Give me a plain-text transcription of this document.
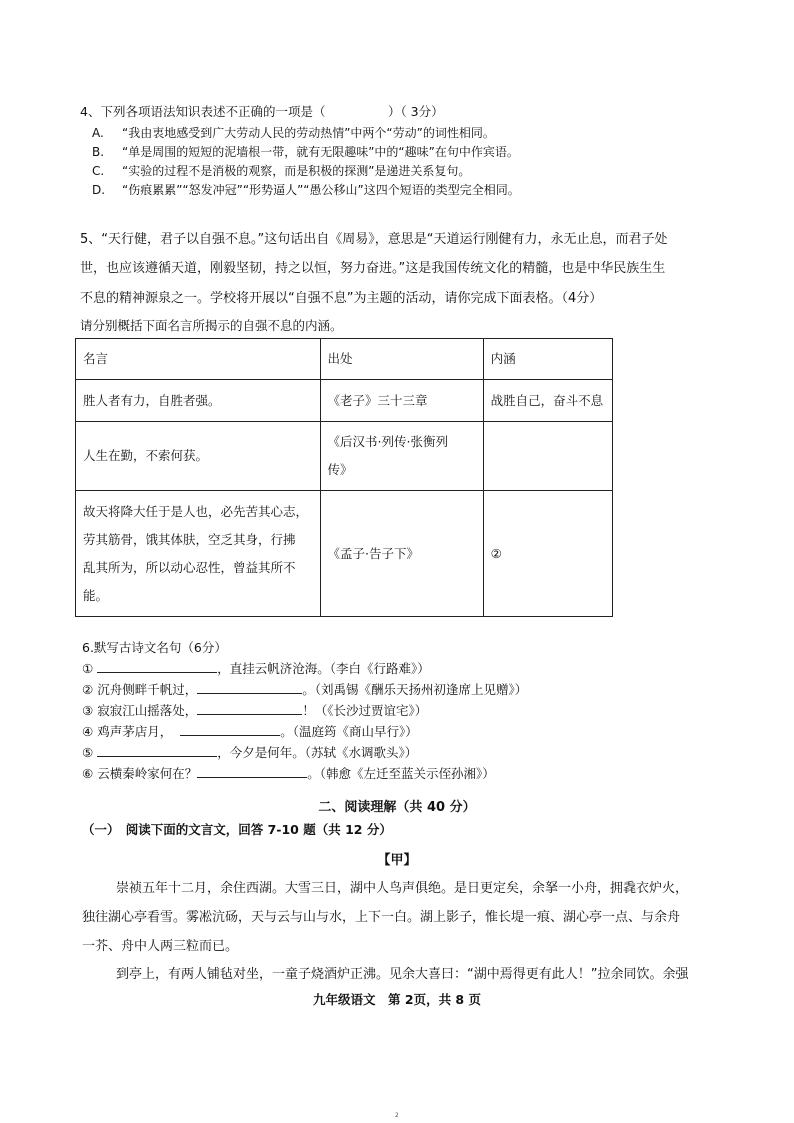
4、下列各项语法知识表述不正确的一项是（　　　　　）（ 3分）
A. “我由衷地感受到广大劳动人民的劳动热情”中两个“劳动”的词性相同。
B. “单是周围的短短的泥墙根一带，就有无限趣味”中的“趣味”在句中作宾语。
C. “实验的过程不是消极的观察，而是积极的探测”是递进关系复句。
D. “伤痕累累”“怒发冲冠”“形势逼人”“愚公移山”这四个短语的类型完全相同。
5、“天行健，君子以自强不息。”这句话出自《周易》，意思是“天道运行刚健有力，永无止息，而君子处
世，也应该遵循天道，刚毅坚韧，持之以恒，努力奋进。”这是我国传统文化的精髓，也是中华民族生生
不息的精神源泉之一。学校将开展以“自强不息”为主题的活动，请你完成下面表格。（4分）
请分别概括下面名言所揭示的自强不息的内涵。
名言	出处	内涵
胜人者有力，自胜者强。	《老子》三十三章	战胜自己，奋斗不息
人生在勤，不索何获。	《后汉书·列传·张衡列
传》	

故天将降大任于是人也，必先苦其心志，
劳其筋骨，饿其体肤，空乏其身，行拂
乱其所为，所以动心忍性，曾益其所不
能。	《孟子·告子下》	②
6.默写古诗文名句（6分）
①	，直挂云帆济沧海。（李白《行路难》）
② 沉舟侧畔千帆过，	。（刘禹锡《酬乐天扬州初逢席上见赠》）
③ 寂寂江山摇落处，	！（《长沙过贾谊宅》）
④ 鸡声茅店月，	。（温庭筠《商山早行》）
⑤	，今夕是何年。（苏轼《水调歌头》）
⑥ 云横秦岭家何在？	。（韩愈《左迁至蓝关示侄孙湘》）
二、阅读理解（共 40 分）
（一）　阅读下面的文言文，回答 7-10 题（共 12 分）
【甲】
崇祯五年十二月，余住西湖。大雪三日，湖中人鸟声俱绝。是日更定矣，余拏一小舟，拥毳衣炉火，
独往湖心亭看雪。雾凇沆砀，天与云与山与水，上下一白。湖上影子，惟长堤一痕、湖心亭一点、与余舟
一芥、舟中人两三粒而已。
到亭上，有两人铺毡对坐，一童子烧酒炉正沸。见余大喜曰：“湖中焉得更有此人！”拉余同饮。余强
九年级语文　第 2页，共 8 页
2
